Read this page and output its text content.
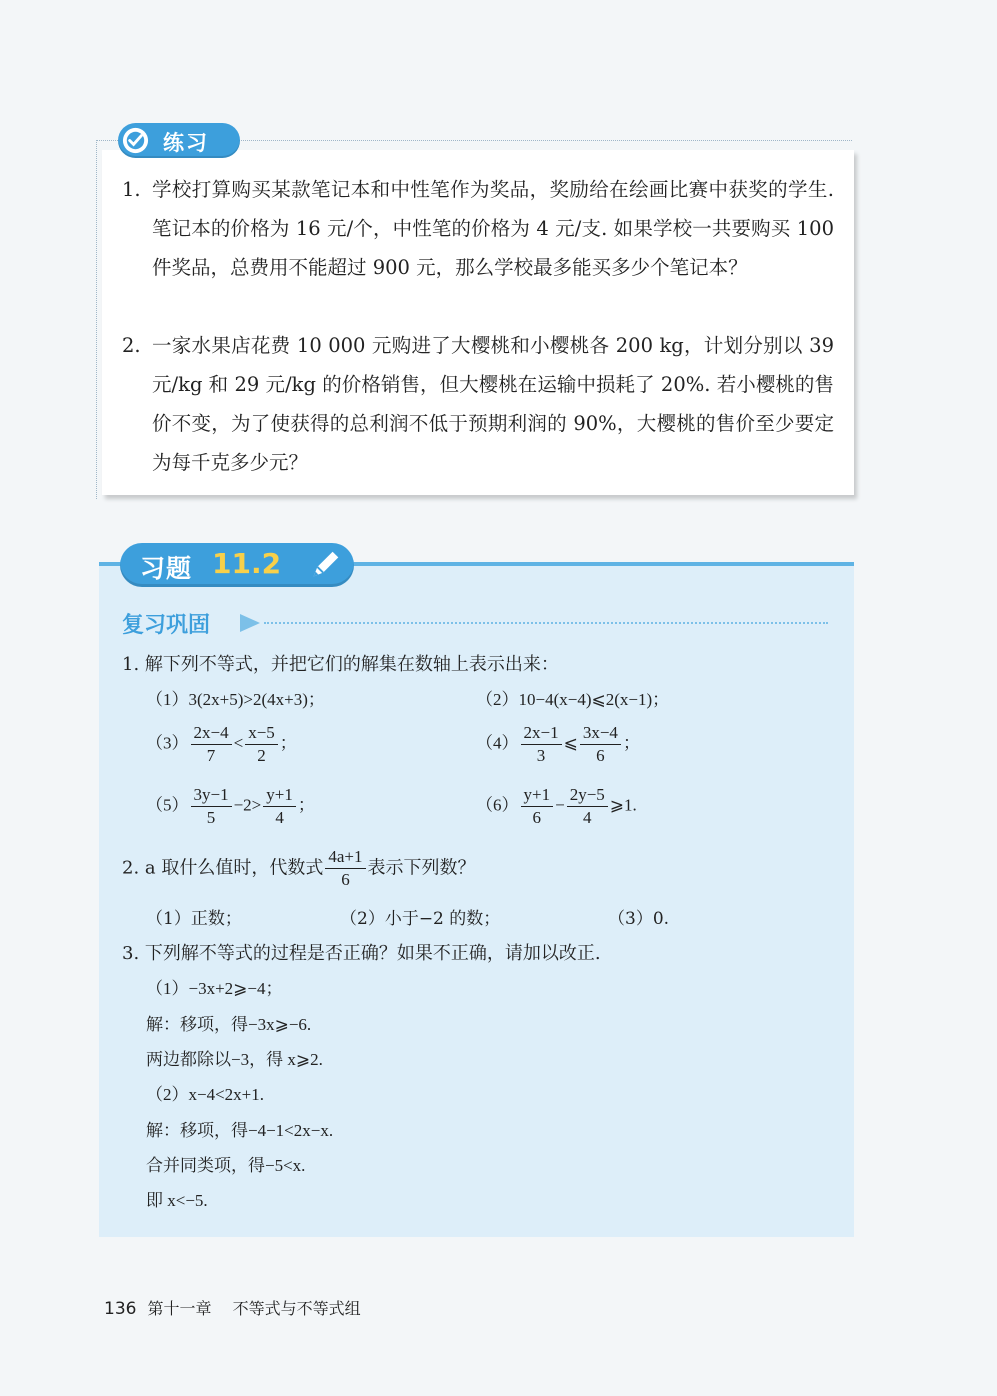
练习
1. 学校打算购买某款笔记本和中性笔作为奖品，奖励给在绘画比赛中获奖的学生. 笔记本的价格为 16 元/个，中性笔的价格为 4 元/支. 如果学校一共要购买 100 件奖品，总费用不能超过 900 元，那么学校最多能买多少个笔记本？
2. 一家水果店花费 10 000 元购进了大樱桃和小樱桃各 200 kg，计划分别以 39 元/kg 和 29 元/kg 的价格销售，但大樱桃在运输中损耗了 20%. 若小樱桃的售价不变，为了使获得的总利润不低于预期利润的 90%，大樱桃的售价至少要定为每千克多少元？
习题 11.2
复习巩固
1. 解下列不等式，并把它们的解集在数轴上表示出来：
（1）3(2x+5)>2(4x+3)；	（2）10−4(x−4)⩽2(x−1)；
$(3) \frac{2x-4}{7} < \frac{x-5}{2}$ ；	$(4) \frac{2x-1}{3}$ ⩽ $\frac{3x-4}{6}$ ；
$(5) \frac{3y-1}{5} -2> \frac{y+1}{4}$ ；	$(6) \frac{y+1}{6} - \frac{2y-5}{4}$ ⩾1.
2. a 取什么值时，代数式 $\frac{4a+1}{6}$ 表示下列数？
（1）正数；	（2）小于−2 的数；	（3）0.
3. 下列解不等式的过程是否正确？如果不正确，请加以改正.
（1）−3x+2⩾−4；
解：移项，得−3x⩾−6.
两边都除以−3，得 x⩾2.
（2）x−4<2x+1.
解：移项，得−4−1<2x−x.
合并同类项，得−5<x.
即 x<−5.
136 第十一章 不等式与不等式组
